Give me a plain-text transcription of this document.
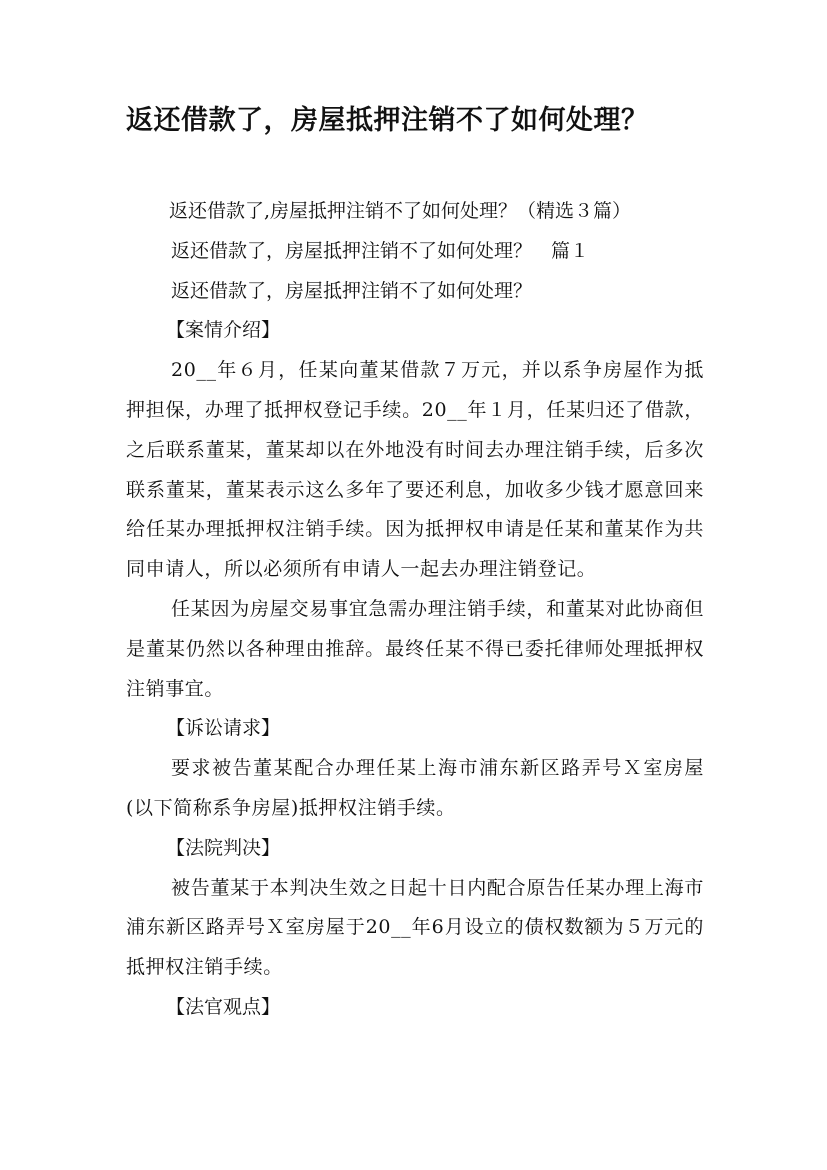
返还借款了，房屋抵押注销不了如何处理？
返还借款了,房屋抵押注销不了如何处理？（精选３篇）
返还借款了，房屋抵押注销不了如何处理？　篇１
返还借款了，房屋抵押注销不了如何处理？
【案情介绍】
20__年６月，任某向董某借款７万元，并以系争房屋作为抵押担保，办理了抵押权登记手续。20__年１月，任某归还了借款，之后联系董某，董某却以在外地没有时间去办理注销手续，后多次联系董某，董某表示这么多年了要还利息，加收多少钱才愿意回来给任某办理抵押权注销手续。因为抵押权申请是任某和董某作为共同申请人，所以必须所有申请人一起去办理注销登记。
任某因为房屋交易事宜急需办理注销手续，和董某对此协商但是董某仍然以各种理由推辞。最终任某不得已委托律师处理抵押权注销事宜。
【诉讼请求】
要求被告董某配合办理任某上海市浦东新区路弄号Ｘ室房屋(以下简称系争房屋)抵押权注销手续。
【法院判决】
被告董某于本判决生效之日起十日内配合原告任某办理上海市浦东新区路弄号Ｘ室房屋于20__年6月设立的债权数额为５万元的抵押权注销手续。
【法官观点】
